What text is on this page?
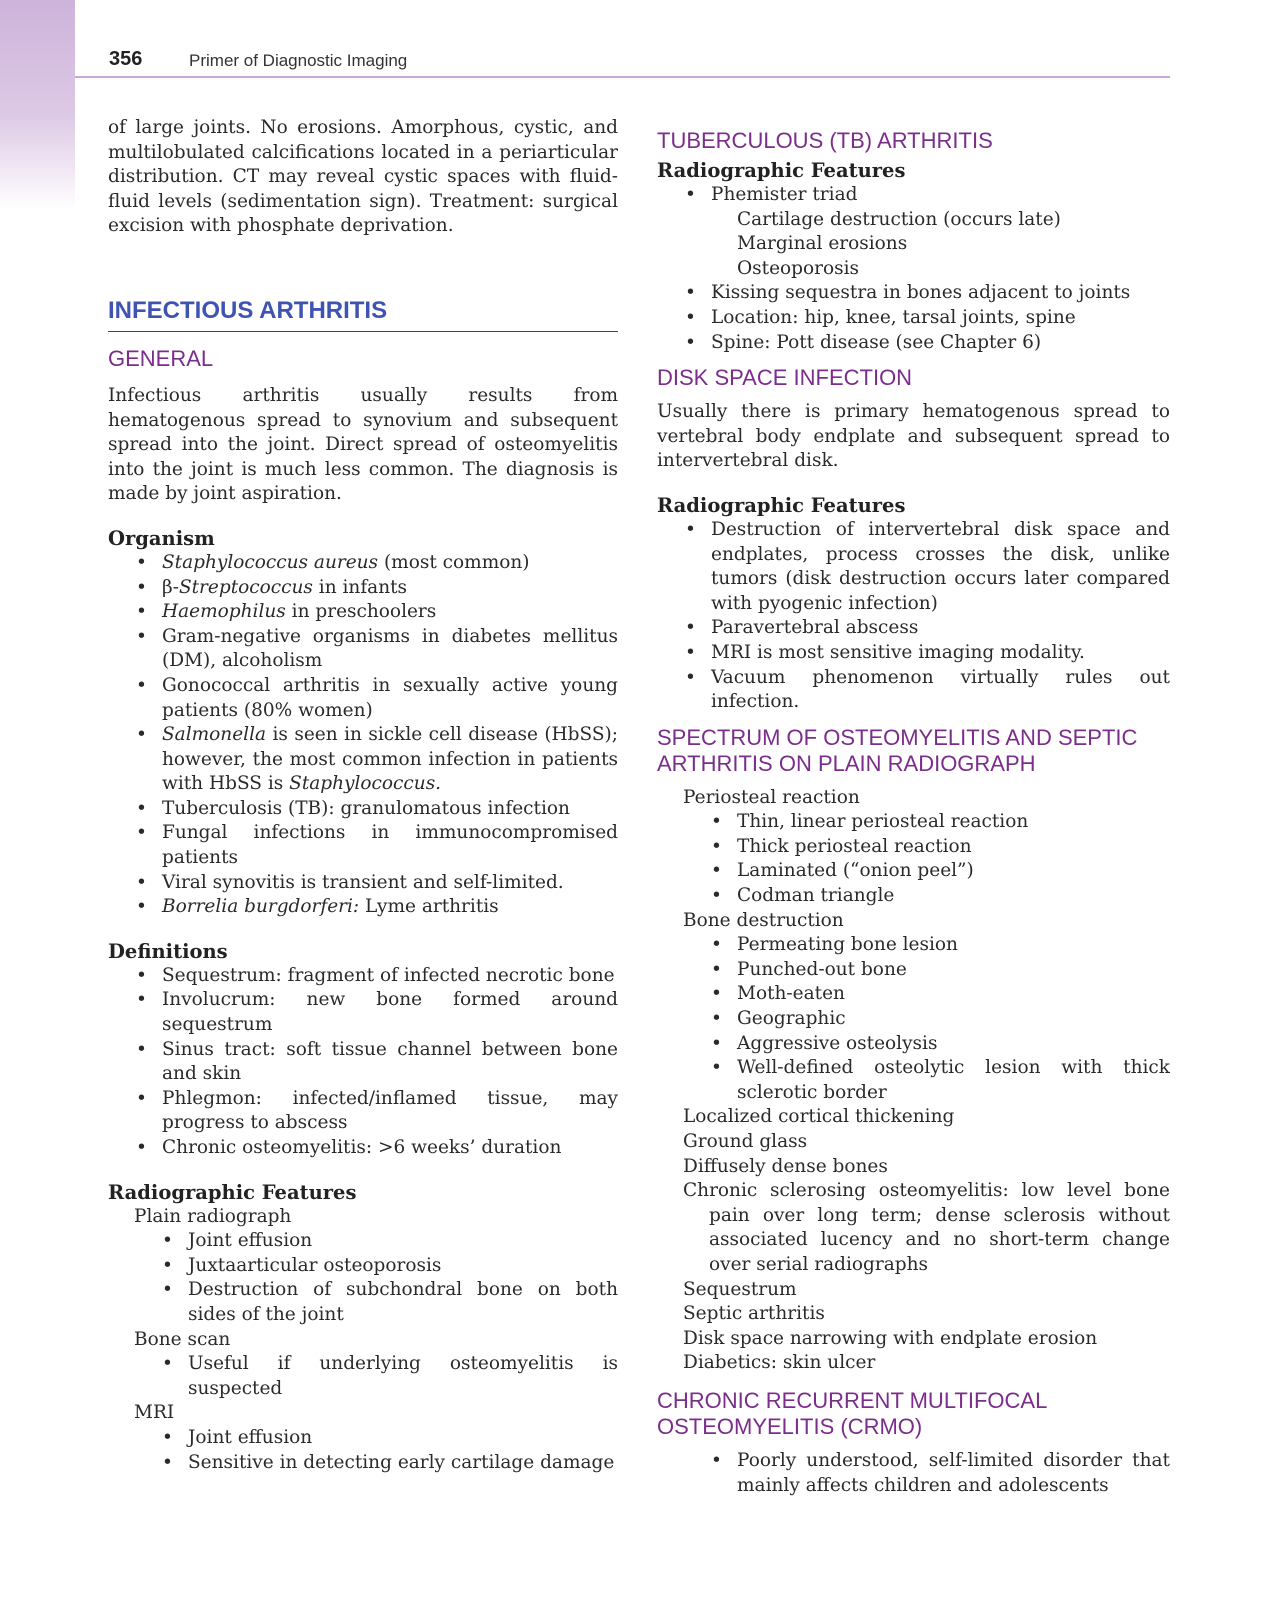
356	Primer of Diagnostic Imaging

of large joints. No erosions. Amorphous, cystic, and multilobulated calcifications located in a periarticular distribution. CT may reveal cystic spaces with fluid-fluid levels (sedimentation sign). Treatment: surgical excision with phosphate deprivation.

INFECTIOUS ARTHRITIS
GENERAL

Infectious arthritis usually results from hematogenous spread to synovium and subsequent spread into the joint. Direct spread of osteomyelitis into the joint is much less common. The diagnosis is made by joint aspiration.

Organism
• Staphylococcus aureus (most common)
• β-Streptococcus in infants
• Haemophilus in preschoolers
• Gram-negative organisms in diabetes mellitus (DM), alcoholism
• Gonococcal arthritis in sexually active young patients (80% women)
• Salmonella is seen in sickle cell disease (HbSS); however, the most common infection in patients with HbSS is Staphylococcus.
• Tuberculosis (TB): granulomatous infection
• Fungal infections in immunocompromised patients
• Viral synovitis is transient and self-limited.
• Borrelia burgdorferi: Lyme arthritis
Definitions
• Sequestrum: fragment of infected necrotic bone
• Involucrum: new bone formed around sequestrum
• Sinus tract: soft tissue channel between bone and skin
• Phlegmon: infected/inflamed tissue, may progress to abscess
• Chronic osteomyelitis: >6 weeks’ duration
Radiographic Features
Plain radiograph
• Joint effusion
• Juxtaarticular osteoporosis
• Destruction of subchondral bone on both sides of the joint
Bone scan
• Useful if underlying osteomyelitis is suspected
MRI
• Joint effusion
• Sensitive in detecting early cartilage damage
TUBERCULOUS (TB) ARTHRITIS
Radiographic Features
• Phemister triad
Cartilage destruction (occurs late)
Marginal erosions
Osteoporosis
• Kissing sequestra in bones adjacent to joints
• Location: hip, knee, tarsal joints, spine
• Spine: Pott disease (see Chapter 6)
DISK SPACE INFECTION

Usually there is primary hematogenous spread to vertebral body endplate and subsequent spread to intervertebral disk.

Radiographic Features
• Destruction of intervertebral disk space and endplates, process crosses the disk, unlike tumors (disk destruction occurs later compared with pyogenic infection)
• Paravertebral abscess
• MRI is most sensitive imaging modality.
• Vacuum phenomenon virtually rules out infection.
SPECTRUM OF OSTEOMYELITIS AND SEPTIC
ARTHRITIS ON PLAIN RADIOGRAPH
Periosteal reaction
• Thin, linear periosteal reaction
• Thick periosteal reaction
• Laminated (“onion peel”)
• Codman triangle
Bone destruction
• Permeating bone lesion
• Punched-out bone
• Moth-eaten
• Geographic
• Aggressive osteolysis
• Well-defined osteolytic lesion with thick sclerotic border
Localized cortical thickening
Ground glass
Diffusely dense bones
Chronic sclerosing osteomyelitis: low level bone pain over long term; dense sclerosis without associated lucency and no short-term change over serial radiographs
Sequestrum
Septic arthritis
Disk space narrowing with endplate erosion
Diabetics: skin ulcer
CHRONIC RECURRENT MULTIFOCAL
OSTEOMYELITIS (CRMO)
• Poorly understood, self-limited disorder that mainly affects children and adolescents
